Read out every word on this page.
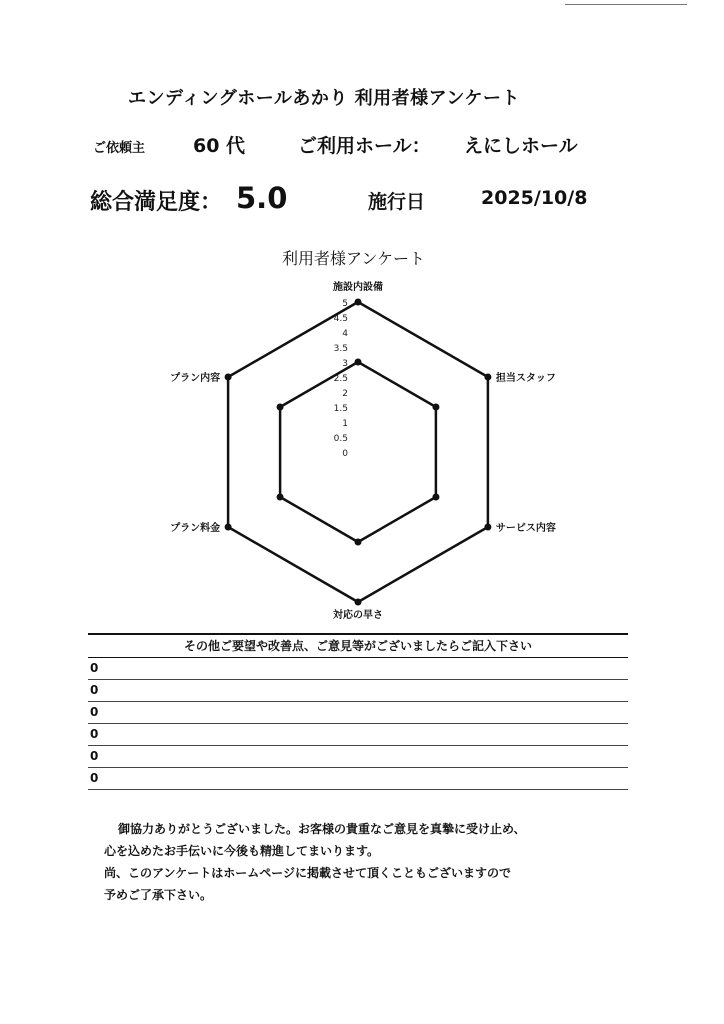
エンディングホールあかり 利用者様アンケート
ご依頼主	60 代	ご利用ホール： えにしホール
総合満足度： 5.0	施行日	2025/10/8
利用者様アンケート
施設内設備
担当スタッフ
サービス内容
対応の早さ
プラン料金
プラン内容
5
4.5
4
3.5
3
2.5
2
1.5
1
0.5
0
その他ご要望や改善点、ご意見等がございましたらご記入下さい
0
0
0
0
0
0
御協力ありがとうございました。お客様の貴重なご意見を真摯に受け止め、
心を込めたお手伝いに今後も精進してまいります。
尚、このアンケートはホームページに掲載させて頂くこともございますので
予めご了承下さい。
